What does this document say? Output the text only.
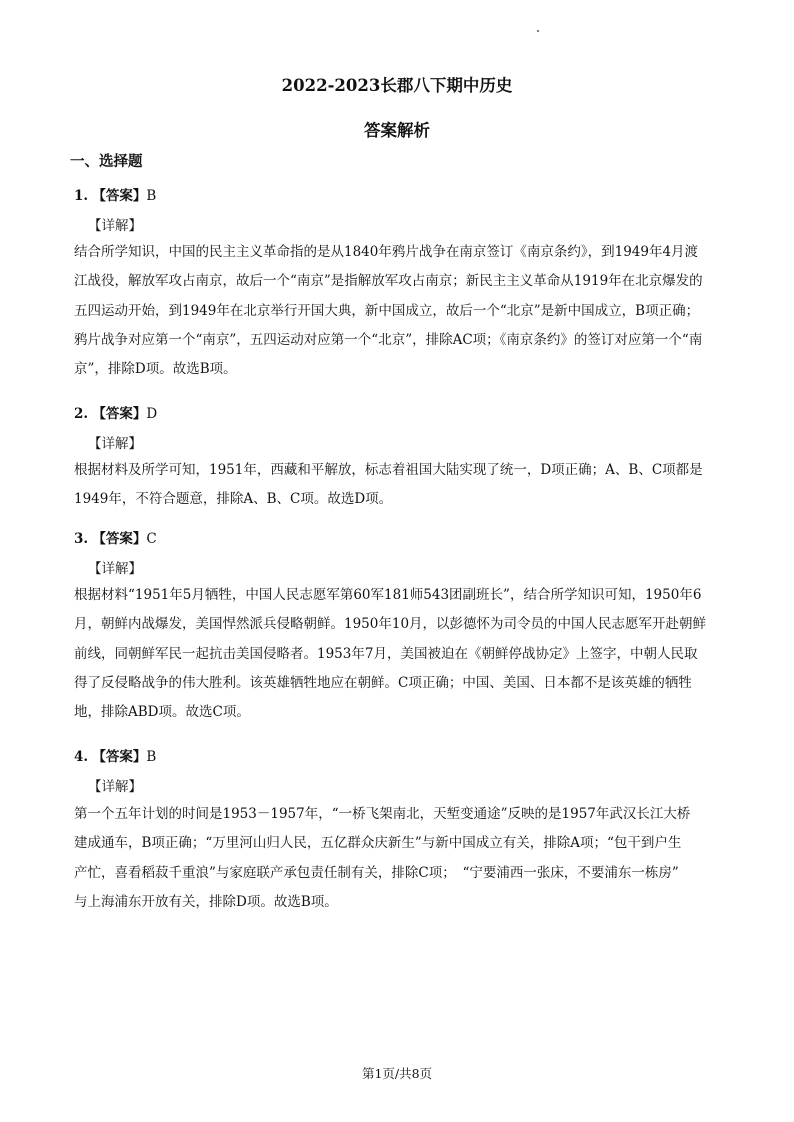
2022-2023长郡八下期中历史
答案解析
一、选择题
1. 【答案】B
【详解】
结合所学知识，中国的民主主义革命指的是从1840年鸦片战争在南京签订《南京条约》，到1949年4月渡
江战役，解放军攻占南京，故后一个“南京”是指解放军攻占南京；新民主主义革命从1919年在北京爆发的
五四运动开始，到1949年在北京举行开国大典，新中国成立，故后一个“北京”是新中国成立，B项正确；
鸦片战争对应第一个“南京”，五四运动对应第一个“北京”，排除AC项；《南京条约》的签订对应第一个“南
京”，排除D项。故选B项。
2. 【答案】D
【详解】
根据材料及所学可知，1951年，西藏和平解放，标志着祖国大陆实现了统一，D项正确；A、B、C项都是
1949年，不符合题意，排除A、B、C项。故选D项。
3. 【答案】C
【详解】
根据材料“1951年5月牺牲，中国人民志愿军第60军181师543团副班长”，结合所学知识可知，1950年6
月，朝鲜内战爆发，美国悍然派兵侵略朝鲜。1950年10月，以彭德怀为司令员的中国人民志愿军开赴朝鲜
前线，同朝鲜军民一起抗击美国侵略者。1953年7月，美国被迫在《朝鲜停战协定》上签字，中朝人民取
得了反侵略战争的伟大胜利。该英雄牺牲地应在朝鲜。C项正确；中国、美国、日本都不是该英雄的牺牲
地，排除ABD项。故选C项。
4. 【答案】B
【详解】
第一个五年计划的时间是1953－1957年，“一桥飞架南北，天堑变通途”反映的是1957年武汉长江大桥
建成通车，B项正确；“万里河山归人民，五亿群众庆新生”与新中国成立有关，排除A项；“包干到户生
产忙，喜看稻菽千重浪”与家庭联产承包责任制有关，排除C项；　“宁要浦西一张床，不要浦东一栋房”
与上海浦东开放有关，排除D项。故选B项。
第1页/共8页
